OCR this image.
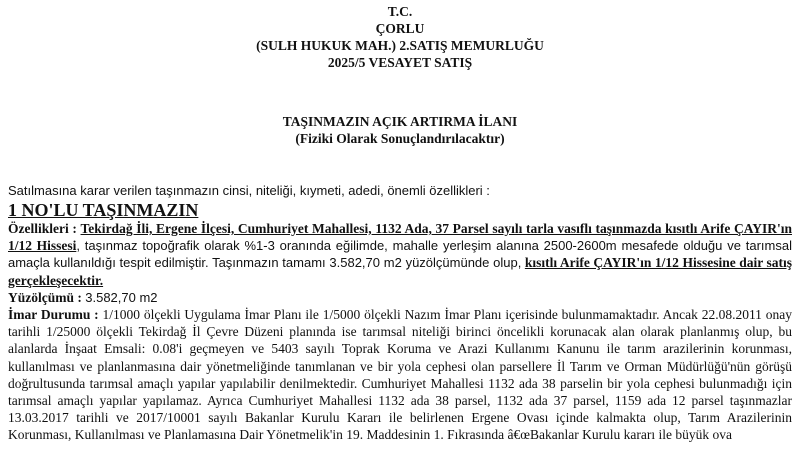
T.C.
ÇORLU
(SULH HUKUK MAH.) 2.SATIŞ MEMURLUĞU
2025/5 VESAYET SATIŞ
TAŞINMAZIN AÇIK ARTIRMA İLANI
(Fiziki Olarak Sonuçlandırılacaktır)
Satılmasına karar verilen taşınmazın cinsi, niteliği, kıymeti, adedi, önemli özellikleri :
1 NO'LU TAŞINMAZIN

Özellikleri : Tekirdağ İli, Ergene İlçesi, Cumhuriyet Mahallesi, 1132 Ada, 37 Parsel sayılı tarla vasıflı taşınmazda kısıtlı Arife ÇAYIR'ın 1/12 Hissesi, taşınmaz topoğrafik olarak %1-3 oranında eğilimde, mahalle yerleşim alanına 2500-2600m mesafede olduğu ve tarımsal amaçla kullanıldığı tespit edilmiştir. Taşınmazın tamamı 3.582,70 m2 yüzölçümünde olup, kısıtlı Arife ÇAYIR'ın 1/12 Hissesine dair satış gerçekleşecektir.

Yüzölçümü : 3.582,70 m2

İmar Durumu : 1/1000 ölçekli Uygulama İmar Planı ile 1/5000 ölçekli Nazım İmar Planı içerisinde bulunmamaktadır. Ancak 22.08.2011 onay tarihli 1/25000 ölçekli Tekirdağ İl Çevre Düzeni planında ise tarımsal niteliği birinci öncelikli korunacak alan olarak planlanmış olup, bu alanlarda İnşaat Emsali: 0.08'i geçmeyen ve 5403 sayılı Toprak Koruma ve Arazi Kullanımı Kanunu ile tarım arazilerinin korunması, kullanılması ve planlanmasına dair yönetmeliğinde tanımlanan ve bir yola cephesi olan parsellere İl Tarım ve Orman Müdürlüğü'nün görüşü doğrultusunda tarımsal amaçlı yapılar yapılabilir denilmektedir. Cumhuriyet Mahallesi 1132 ada 38 parselin bir yola cephesi bulunmadığı için tarımsal amaçlı yapılar yapılamaz. Ayrıca Cumhuriyet Mahallesi 1132 ada 38 parsel, 1132 ada 37 parsel, 1159 ada 12 parsel taşınmazlar 13.03.2017 tarihli ve 2017/10001 sayılı Bakanlar Kurulu Kararı ile belirlenen Ergene Ovası içinde kalmakta olup, Tarım Arazilerinin Korunması, Kullanılması ve Planlamasına Dair Yönetmelik'in 19. Maddesinin 1. Fıkrasında â€œBakanlar Kurulu kararı ile büyük ova
